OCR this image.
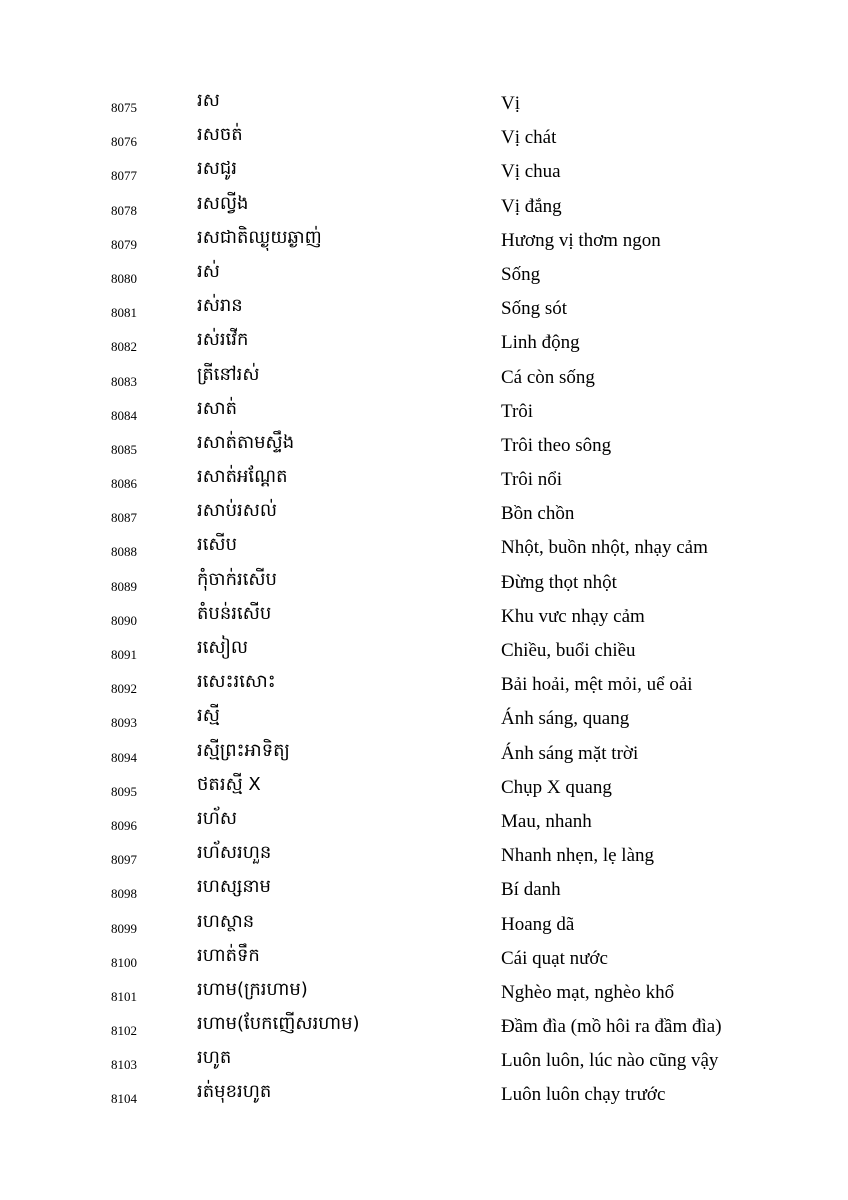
8075	រស	Vị
8076	រសចត់	Vị chát
8077	រសជូរ	Vị chua
8078	រសល្វីង	Vị đắng
8079	រសជាតិឈ្ងុយឆ្ងាញ់	Hương vị thơm ngon
8080	រស់	Sống
8081	រស់រាន	Sống sót
8082	រស់រវើក	Linh động
8083	ត្រីនៅរស់	Cá còn sống
8084	រសាត់	Trôi
8085	រសាត់តាមស្ទឹង	Trôi theo sông
8086	រសាត់អណ្តែត	Trôi nổi
8087	រសាប់រសល់	Bồn chồn
8088	រសើប	Nhột, buồn nhột, nhạy cảm
8089	កុំចាក់រសើប	Đừng thọt nhột
8090	តំបន់រសើប	Khu vưc nhạy cảm
8091	រសៀល	Chiều, buổi chiều
8092	រសេះរសោះ	Bải hoải, mệt mỏi, uể oải
8093	រស្មី	Ánh sáng, quang
8094	រស្មីព្រះអាទិត្យ	Ánh sáng mặt trời
8095	ថតរស្មី X	Chụp X quang
8096	រហ័ស	Mau, nhanh
8097	រហ័សរហួន	Nhanh nhẹn, lẹ làng
8098	រហស្សនាម	Bí danh
8099	រហស្ថាន	Hoang dã
8100	រហាត់ទឹក	Cái quạt nước
8101	រហាម(ក្ររហាម)	Nghèo mạt, nghèo khổ
8102	រហាម(បែកញើសរហាម)	Đầm đìa (mồ hôi ra đầm đìa)
8103	រហូត	Luôn luôn, lúc nào cũng vậy
8104	រត់មុខរហូត	Luôn luôn chạy trước
